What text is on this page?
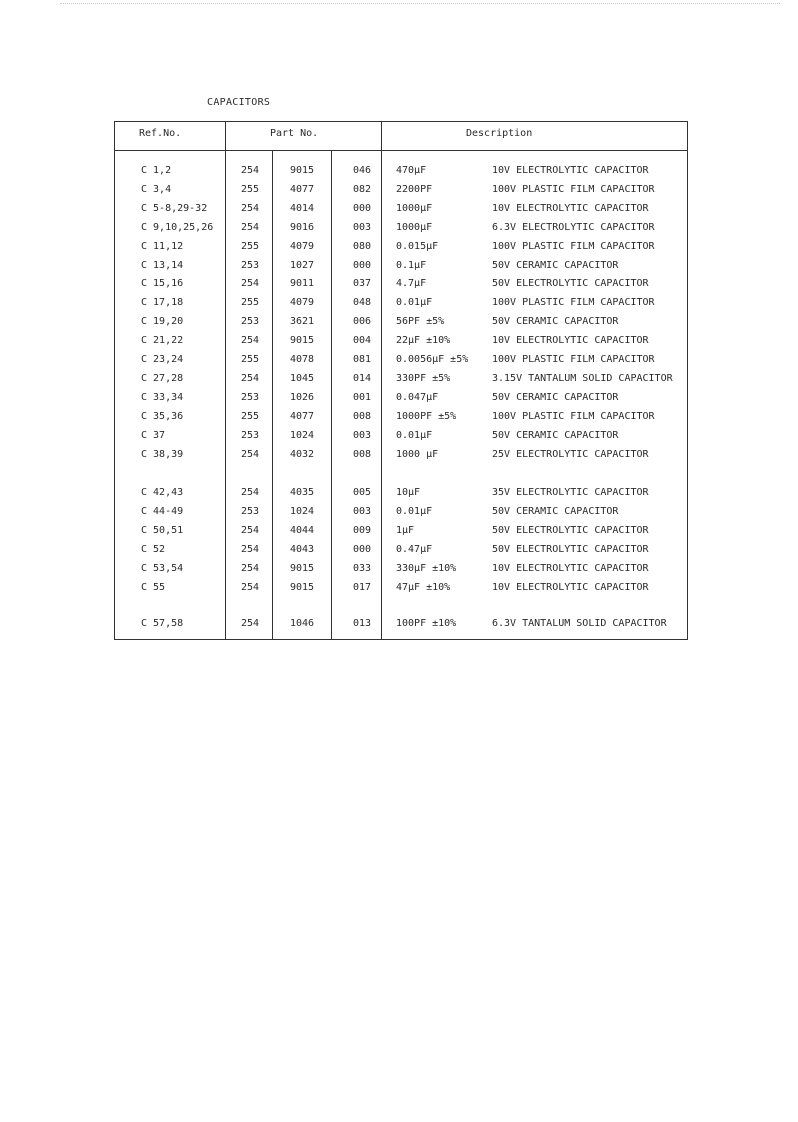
CAPACITORS
Ref.No.	Part No.	Description
C 1,2	254	9015	046 470µF	10V ELECTROLYTIC CAPACITOR
C 3,4	255	4077	082 2200PF	100V PLASTIC FILM CAPACITOR
C 5-8,29-32	254	4014	000 1000µF	10V ELECTROLYTIC CAPACITOR
C 9,10,25,26	254	9016	003 1000µF	6.3V ELECTROLYTIC CAPACITOR
C 11,12	255	4079	080 0.015µF	100V PLASTIC FILM CAPACITOR
C 13,14	253	1027	000 0.1µF	50V CERAMIC CAPACITOR
C 15,16	254	9011	037 4.7µF	50V ELECTROLYTIC CAPACITOR
C 17,18	255	4079	048 0.01µF	100V PLASTIC FILM CAPACITOR
C 19,20	253	3621	006 56PF ±5%	50V CERAMIC CAPACITOR
C 21,22	254	9015	004 22µF ±10%	10V ELECTROLYTIC CAPACITOR
C 23,24	255	4078	081 0.0056µF ±5% 100V PLASTIC FILM CAPACITOR
C 27,28	254	1045	014 330PF ±5%	3.15V TANTALUM SOLID CAPACITOR
C 33,34	253	1026	001 0.047µF	50V CERAMIC CAPACITOR
C 35,36	255	4077	008 1000PF ±5%	100V PLASTIC FILM CAPACITOR
C 37	253	1024	003 0.01µF	50V CERAMIC CAPACITOR
C 38,39	254	4032	008 1000 µF	25V ELECTROLYTIC CAPACITOR
C 42,43	254	4035	005 10µF	35V ELECTROLYTIC CAPACITOR
C 44-49	253	1024	003 0.01µF	50V CERAMIC CAPACITOR
C 50,51	254	4044	009 1µF	50V ELECTROLYTIC CAPACITOR
C 52	254	4043	000 0.47µF	50V ELECTROLYTIC CAPACITOR
C 53,54	254	9015	033 330µF ±10%	10V ELECTROLYTIC CAPACITOR
C 55	254	9015	017 47µF ±10%	10V ELECTROLYTIC CAPACITOR
C 57,58	254	1046	013 100PF ±10%	6.3V TANTALUM SOLID CAPACITOR
